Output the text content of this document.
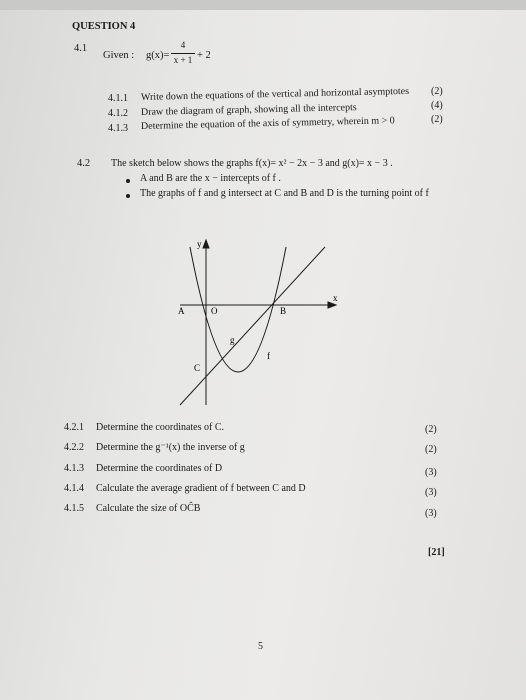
QUESTION 4
4.1
Given : g(x)=
4
x + 1 + 2
4.1.1 Write down the equations of the vertical and horizontal asymptotes (2)
4.1.2 Draw the diagram of graph, showing all the intercepts	(4)
4.1.3 Determine the equation of the axis of symmetry, wherein m > 0	(2)
4.2 The sketch below shows the graphs f(x)= x² − 2x − 3 and g(x)= x − 3 .
A and B are the x − intercepts of f .
The graphs of f and g intersect at C and B and D is the turning point of f
y
x
A	O	B
g
f
C
4.2.1 Determine the coordinates of C.	(2)
4.2.2 Determine the g⁻¹(x) the inverse of g	(2)
4.1.3 Determine the coordinates of D	(3)
4.1.4 Calculate the average gradient of f between C and D	(3)
4.1.5 Calculate the size of OĈB	(3)
[21]
5
